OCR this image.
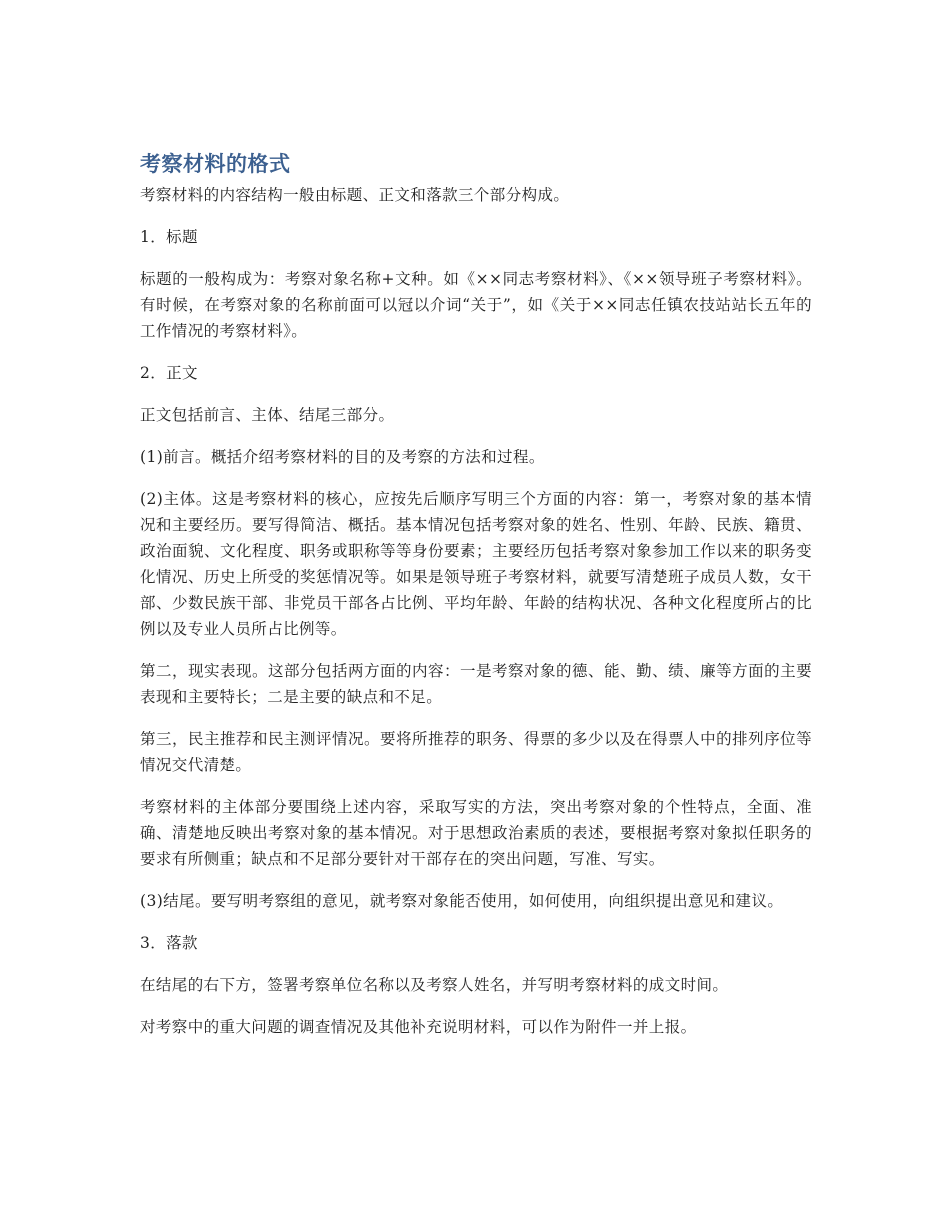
考察材料的格式

考察材料的内容结构一般由标题、正文和落款三个部分构成。

1．标题

标题的一般构成为：考察对象名称+文种。如《××同志考察材料》、《××领导班子考察材料》。有时候，在考察对象的名称前面可以冠以介词“关于”，如《关于××同志任镇农技站站长五年的工作情况的考察材料》。

2．正文

正文包括前言、主体、结尾三部分。

(1)前言。概括介绍考察材料的目的及考察的方法和过程。

(2)主体。这是考察材料的核心，应按先后顺序写明三个方面的内容：第一，考察对象的基本情况和主要经历。要写得简洁、概括。基本情况包括考察对象的姓名、性别、年龄、民族、籍贯、政治面貌、文化程度、职务或职称等等身份要素；主要经历包括考察对象参加工作以来的职务变化情况、历史上所受的奖惩情况等。如果是领导班子考察材料，就要写清楚班子成员人数，女干部、少数民族干部、非党员干部各占比例、平均年龄、年龄的结构状况、各种文化程度所占的比例以及专业人员所占比例等。

第二，现实表现。这部分包括两方面的内容：一是考察对象的德、能、勤、绩、廉等方面的主要表现和主要特长；二是主要的缺点和不足。

第三，民主推荐和民主测评情况。要将所推荐的职务、得票的多少以及在得票人中的排列序位等情况交代清楚。

考察材料的主体部分要围绕上述内容，采取写实的方法，突出考察对象的个性特点，全面、准确、清楚地反映出考察对象的基本情况。对于思想政治素质的表述，要根据考察对象拟任职务的要求有所侧重；缺点和不足部分要针对干部存在的突出问题，写准、写实。

(3)结尾。要写明考察组的意见，就考察对象能否使用，如何使用，向组织提出意见和建议。

3．落款

在结尾的右下方，签署考察单位名称以及考察人姓名，并写明考察材料的成文时间。

对考察中的重大问题的调查情况及其他补充说明材料，可以作为附件一并上报。
